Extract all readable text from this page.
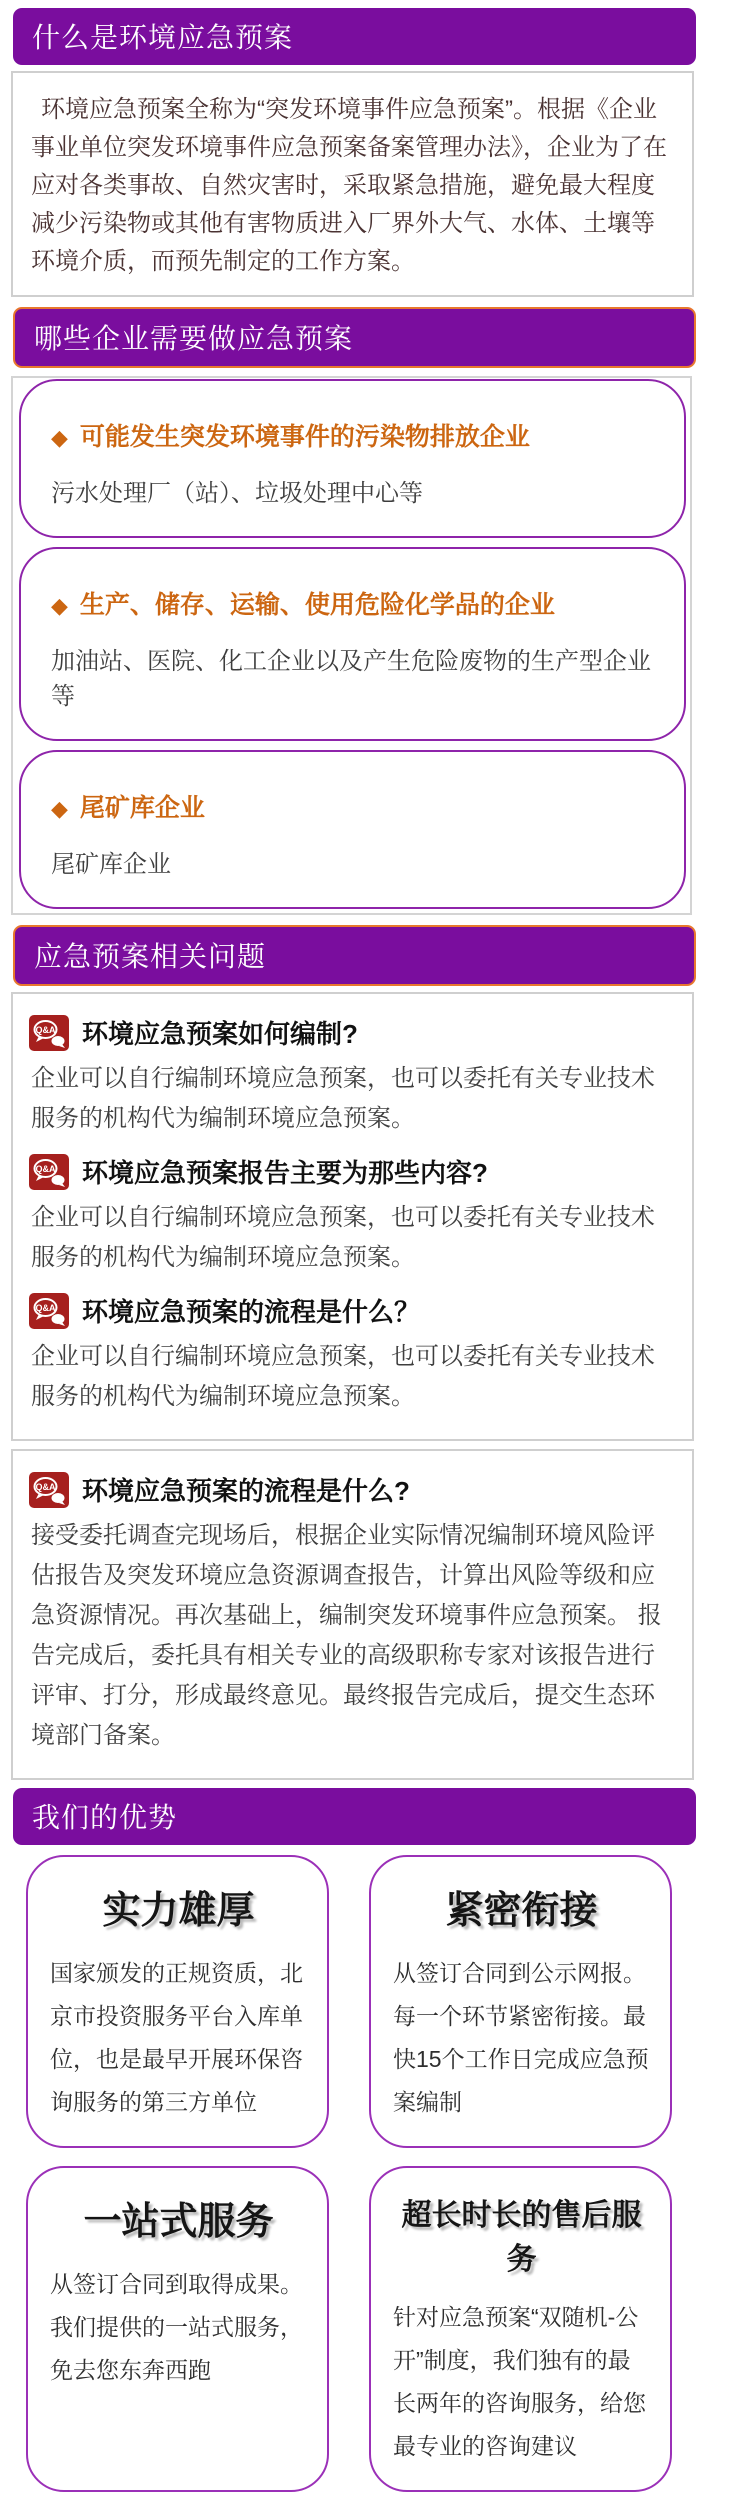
什么是环境应急预案

环境应急预案全称为“突发环境事件应急预案”。根据《企业事业单位突发环境事件应急预案备案管理办法》，企业为了在应对各类事故、自然灾害时，采取紧急措施，避免最大程度减少污染物或其他有害物质进入厂界外大气、水体、土壤等环境介质，而预先制定的工作方案。

哪些企业需要做应急预案

◆ 可能发生突发环境事件的污染物排放企业

污水处理厂（站）、垃圾处理中心等

◆ 生产、储存、运输、使用危险化学品的企业

加油站、医院、化工企业以及产生危险废物的生产型企业等

◆ 尾矿库企业

尾矿库企业

应急预案相关问题
Q&A 环境应急预案如何编制?

企业可以自行编制环境应急预案，也可以委托有关专业技术服务的机构代为编制环境应急预案。

Q&A 环境应急预案报告主要为那些内容?

企业可以自行编制环境应急预案，也可以委托有关专业技术服务的机构代为编制环境应急预案。

Q&A 环境应急预案的流程是什么？

企业可以自行编制环境应急预案，也可以委托有关专业技术服务的机构代为编制环境应急预案。

Q&A 环境应急预案的流程是什么?

接受委托调查完现场后，根据企业实际情况编制环境风险评估报告及突发环境应急资源调查报告，计算出风险等级和应急资源情况。再次基础上，编制突发环境事件应急预案。 报告完成后，委托具有相关专业的高级职称专家对该报告进行评审、打分，形成最终意见。最终报告完成后，提交生态环境部门备案。

我们的优势

实力雄厚

国家颁发的正规资质，北京市投资服务平台入库单位，也是最早开展环保咨询服务的第三方单位

紧密衔接

从签订合同到公示网报。每一个环节紧密衔接。最快15个工作日完成应急预案编制

一站式服务

从签订合同到取得成果。我们提供的一站式服务，免去您东奔西跑

超长时长的售后服务

针对应急预案“双随机-公开”制度，我们独有的最长两年的咨询服务，给您最专业的咨询建议
